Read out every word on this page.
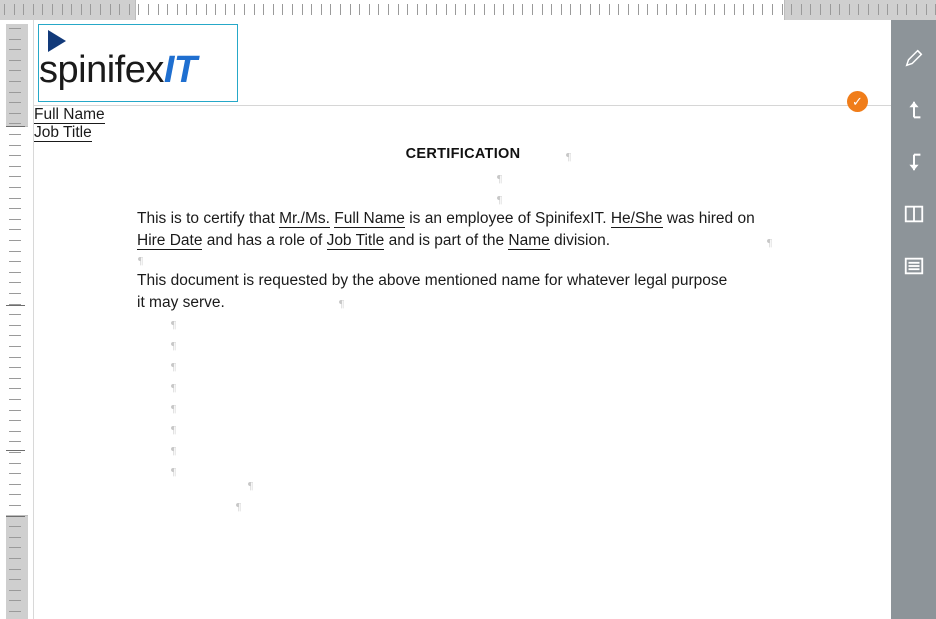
spinifexIT
✓
CERTIFICATION
This is to certify that Mr./Ms. Full Name is an employee of SpinifexIT. He/She was hired on Hire Date and has a role of Job Title and is part of the Name division.
This document is requested by the above mentioned name for whatever legal purpose it may serve.
Full Name
Job Title
¶
¶
¶
¶
¶
¶
¶
¶
¶
¶
¶
¶
¶
¶
¶
¶
